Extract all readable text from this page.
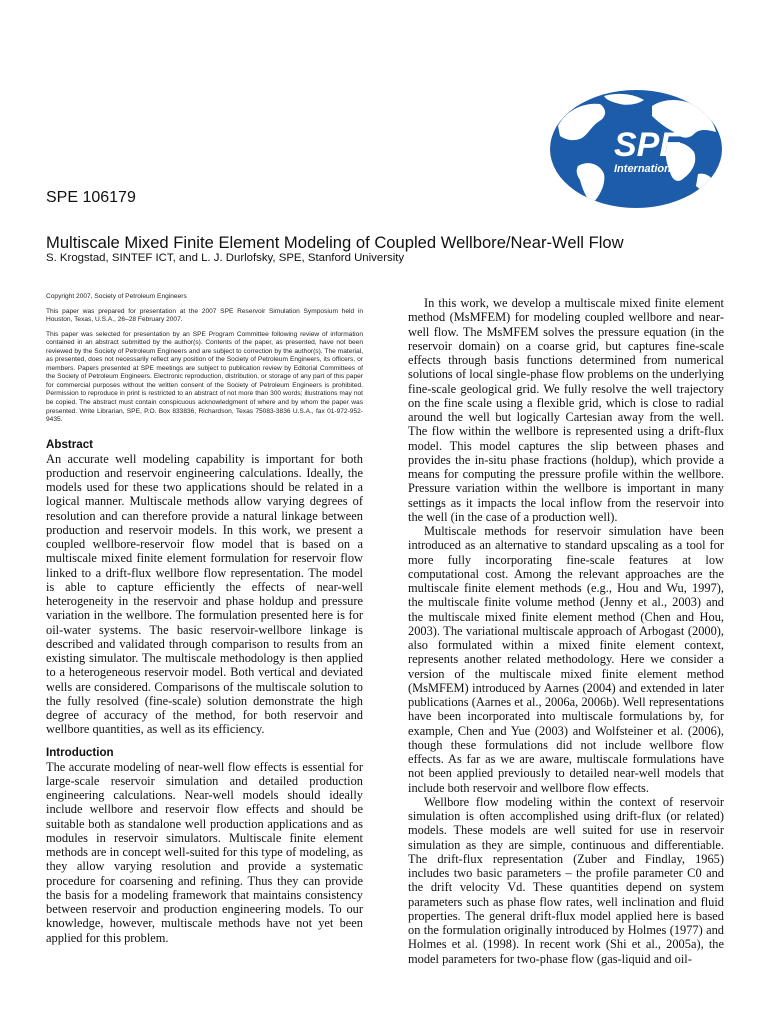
SPE
International
SPE 106179
Multiscale Mixed Finite Element Modeling of Coupled Wellbore/Near-Well Flow
S. Krogstad, SINTEF ICT, and L. J. Durlofsky, SPE, Stanford University

Copyright 2007, Society of Petroleum Engineers

This paper was prepared for presentation at the 2007 SPE Reservoir Simulation Symposium held in Houston, Texas, U.S.A., 26–28 February 2007.

This paper was selected for presentation by an SPE Program Committee following review of information contained in an abstract submitted by the author(s). Contents of the paper, as presented, have not been reviewed by the Society of Petroleum Engineers and are subject to correction by the author(s). The material, as presented, does not necessarily reflect any position of the Society of Petroleum Engineers, its officers, or members. Papers presented at SPE meetings are subject to publication review by Editorial Committees of the Society of Petroleum Engineers. Electronic reproduction, distribution, or storage of any part of this paper for commercial purposes without the written consent of the Society of Petroleum Engineers is prohibited. Permission to reproduce in print is restricted to an abstract of not more than 300 words; illustrations may not be copied. The abstract must contain conspicuous acknowledgment of where and by whom the paper was presented. Write Librarian, SPE, P.O. Box 833836, Richardson, Texas 75083-3836 U.S.A., fax 01-972-952-9435.

Abstract

An accurate well modeling capability is important for both production and reservoir engineering calculations. Ideally, the models used for these two applications should be related in a logical manner. Multiscale methods allow varying degrees of resolution and can therefore provide a natural linkage between production and reservoir models. In this work, we present a coupled wellbore-reservoir flow model that is based on a multiscale mixed finite element formulation for reservoir flow linked to a drift-flux wellbore flow representation. The model is able to capture efficiently the effects of near-well heterogeneity in the reservoir and phase holdup and pressure variation in the wellbore. The formulation presented here is for oil-water systems. The basic reservoir-wellbore linkage is described and validated through comparison to results from an existing simulator. The multiscale methodology is then applied to a heterogeneous reservoir model. Both vertical and deviated wells are considered. Comparisons of the multiscale solution to the fully resolved (fine-scale) solution demonstrate the high degree of accuracy of the method, for both reservoir and wellbore quantities, as well as its efficiency.

Introduction

The accurate modeling of near-well flow effects is essential for large-scale reservoir simulation and detailed production engineering calculations. Near-well models should ideally include wellbore and reservoir flow effects and should be suitable both as standalone well production applications and as modules in reservoir simulators. Multiscale finite element methods are in concept well-suited for this type of modeling, as they allow varying resolution and provide a systematic procedure for coarsening and refining. Thus they can provide the basis for a modeling framework that maintains consistency between reservoir and production engineering models. To our knowledge, however, multiscale methods have not yet been applied for this problem.

In this work, we develop a multiscale mixed finite element method (MsMFEM) for modeling coupled wellbore and near-well flow. The MsMFEM solves the pressure equation (in the reservoir domain) on a coarse grid, but captures fine-scale effects through basis functions determined from numerical solutions of local single-phase flow problems on the underlying fine-scale geological grid. We fully resolve the well trajectory on the fine scale using a flexible grid, which is close to radial around the well but logically Cartesian away from the well. The flow within the wellbore is represented using a drift-flux model. This model captures the slip between phases and provides the in-situ phase fractions (holdup), which provide a means for computing the pressure profile within the wellbore. Pressure variation within the wellbore is important in many settings as it impacts the local inflow from the reservoir into the well (in the case of a production well).

Multiscale methods for reservoir simulation have been introduced as an alternative to standard upscaling as a tool for more fully incorporating fine-scale features at low computational cost. Among the relevant approaches are the multiscale finite element methods (e.g., Hou and Wu, 1997), the multiscale finite volume method (Jenny et al., 2003) and the multiscale mixed finite element method (Chen and Hou, 2003). The variational multiscale approach of Arbogast (2000), also formulated within a mixed finite element context, represents another related methodology. Here we consider a version of the multiscale mixed finite element method (MsMFEM) introduced by Aarnes (2004) and extended in later publications (Aarnes et al., 2006a, 2006b). Well representations have been incorporated into multiscale formulations by, for example, Chen and Yue (2003) and Wolfsteiner et al. (2006), though these formulations did not include wellbore flow effects. As far as we are aware, multiscale formulations have not been applied previously to detailed near-well models that include both reservoir and wellbore flow effects.

Wellbore flow modeling within the context of reservoir simulation is often accomplished using drift-flux (or related) models. These models are well suited for use in reservoir simulation as they are simple, continuous and differentiable. The drift-flux representation (Zuber and Findlay, 1965) includes two basic parameters – the profile parameter C0 and the drift velocity Vd. These quantities depend on system parameters such as phase flow rates, well inclination and fluid properties. The general drift-flux model applied here is based on the formulation originally introduced by Holmes (1977) and Holmes et al. (1998). In recent work (Shi et al., 2005a), the model parameters for two-phase flow (gas-liquid and oil-
